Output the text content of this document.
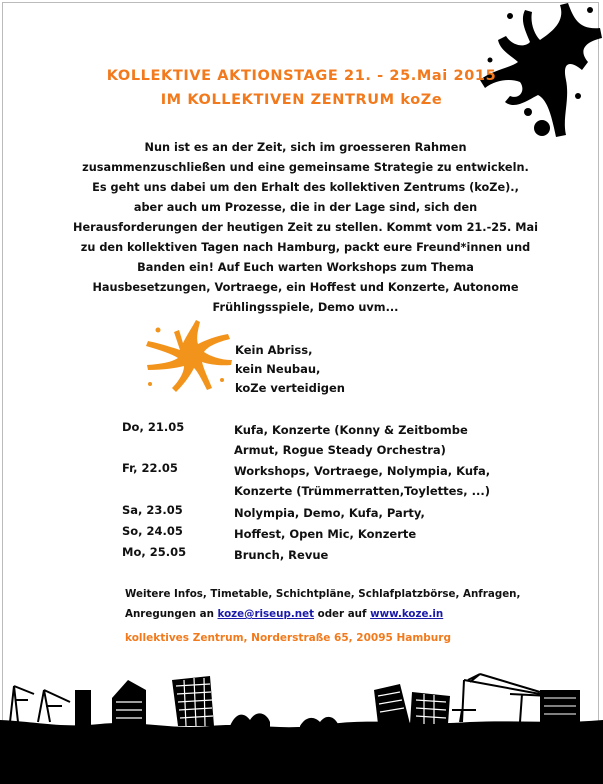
KOLLEKTIVE AKTIONSTAGE 21. - 25.Mai 2015
IM KOLLEKTIVEN ZENTRUM koZe
Nun ist es an der Zeit, sich im groesseren Rahmen
zusammenzuschließen und eine gemeinsame Strategie zu entwickeln.
Es geht uns dabei um den Erhalt des kollektiven Zentrums (koZe).,
aber auch um Prozesse, die in der Lage sind, sich den
Herausforderungen der heutigen Zeit zu stellen. Kommt vom 21.-25. Mai
zu den kollektiven Tagen nach Hamburg, packt eure Freund*innen und
Banden ein! Auf Euch warten Workshops zum Thema
Hausbesetzungen, Vortraege, ein Hoffest und Konzerte, Autonome
Frühlingsspiele, Demo uvm...
Kein Abriss,
kein Neubau,
koZe verteidigen
Do, 21.05	Kufa, Konzerte (Konny & Zeitbombe
Armut, Rogue Steady Orchestra)
Fr, 22.05	Workshops, Vortraege, Nolympia, Kufa,
Konzerte (Trümmerratten,Toylettes, ...)
Sa, 23.05	Nolympia, Demo, Kufa, Party,
So, 24.05	Hoffest, Open Mic, Konzerte
Mo, 25.05	Brunch, Revue
Weitere Infos, Timetable, Schichtpläne, Schlafplatzbörse, Anfragen,
Anregungen an koze@riseup.net oder auf www.koze.in
kollektives Zentrum, Norderstraße 65, 20095 Hamburg
